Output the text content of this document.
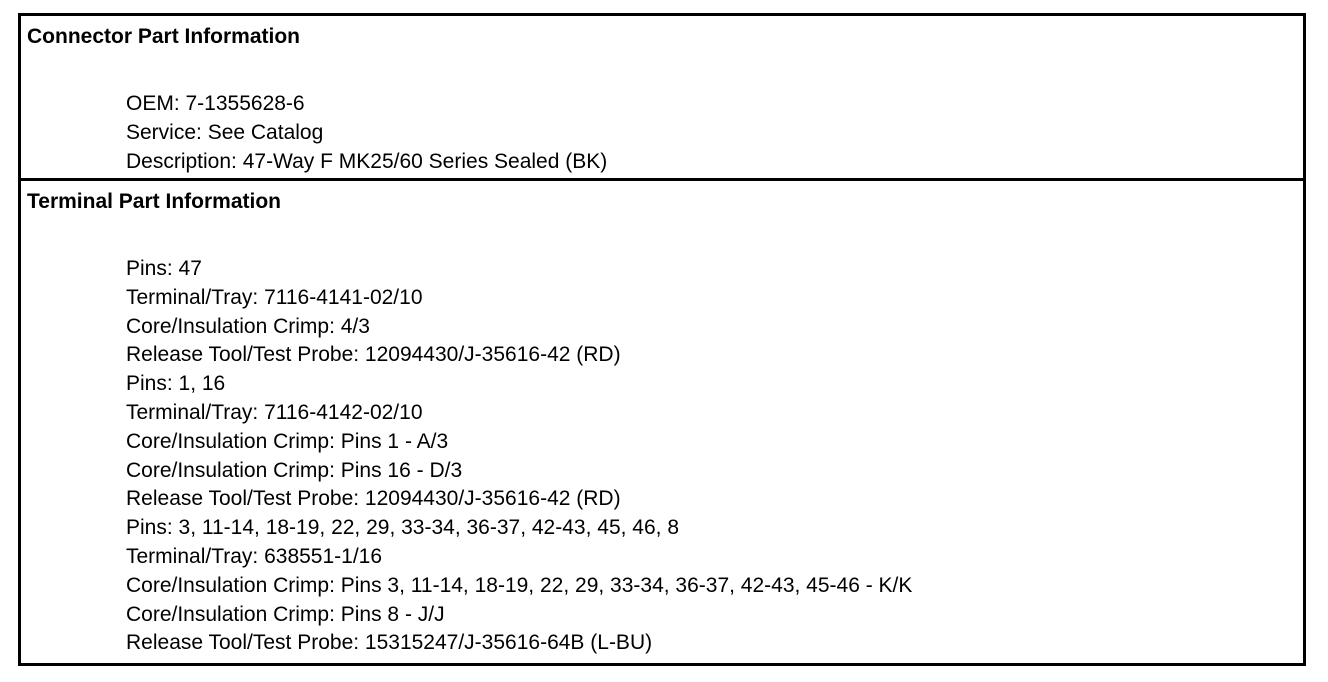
Connector Part Information
OEM: 7-1355628-6
Service: See Catalog
Description: 47-Way F MK25/60 Series Sealed (BK)
Terminal Part Information
Pins: 47
Terminal/Tray: 7116-4141-02/10
Core/Insulation Crimp: 4/3
Release Tool/Test Probe: 12094430/J-35616-42 (RD)
Pins: 1, 16
Terminal/Tray: 7116-4142-02/10
Core/Insulation Crimp: Pins 1 - A/3
Core/Insulation Crimp: Pins 16 - D/3
Release Tool/Test Probe: 12094430/J-35616-42 (RD)
Pins: 3, 11-14, 18-19, 22, 29, 33-34, 36-37, 42-43, 45, 46, 8
Terminal/Tray: 638551-1/16
Core/Insulation Crimp: Pins 3, 11-14, 18-19, 22, 29, 33-34, 36-37, 42-43, 45-46 - K/K
Core/Insulation Crimp: Pins 8 - J/J
Release Tool/Test Probe: 15315247/J-35616-64B (L-BU)
